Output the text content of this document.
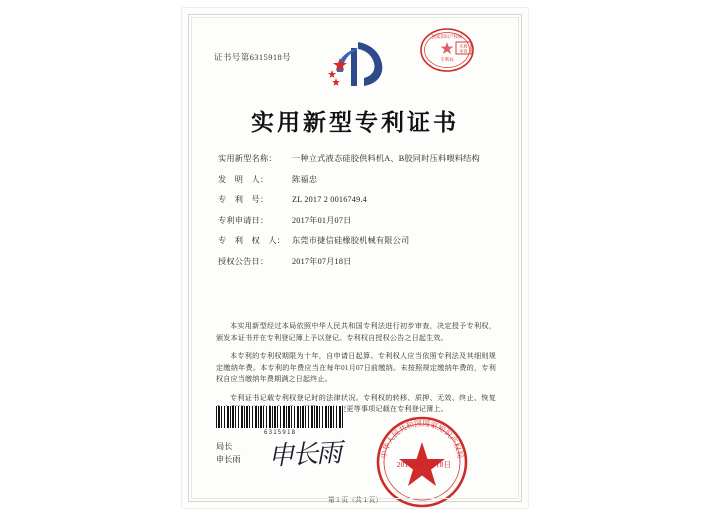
证书号第6315918号
国家知识产权局
专利局
实质
审查
实用新型专利证书
实用新型名称：	一种立式液态硅胶供料机A、B胶同时压料喂料结构
发　明　人：	陈福忠
专　利　号：	ZL 2017 2 0016749.4
专利申请日：	2017年01月07日
专　利　权　人： 东莞市捷信硅橡胶机械有限公司
授权公告日：	2017年07月18日

本实用新型经过本局依照中华人民共和国专利法进行初步审查，决定授予专利权，颁发本证书并在专利登记簿上予以登记。专利权自授权公告之日起生效。

本专利的专利权期限为十年，自申请日起算。专利权人应当依照专利法及其细则规定缴纳年费。本专利的年费应当在每年01月07日前缴纳。未按照规定缴纳年费的，专利权自应当缴纳年费期满之日起终止。

专利证书记载专利权登记时的法律状况。专利权的转移、质押、无效、终止、恢复和专利权人的姓名或名称、国籍、地址变更等事项记载在专利登记簿上。

6315918
局长
申长雨 申长雨	中华人民共和国国家知识产权局
2017年07月18日
第 1 页（共 1 页）
